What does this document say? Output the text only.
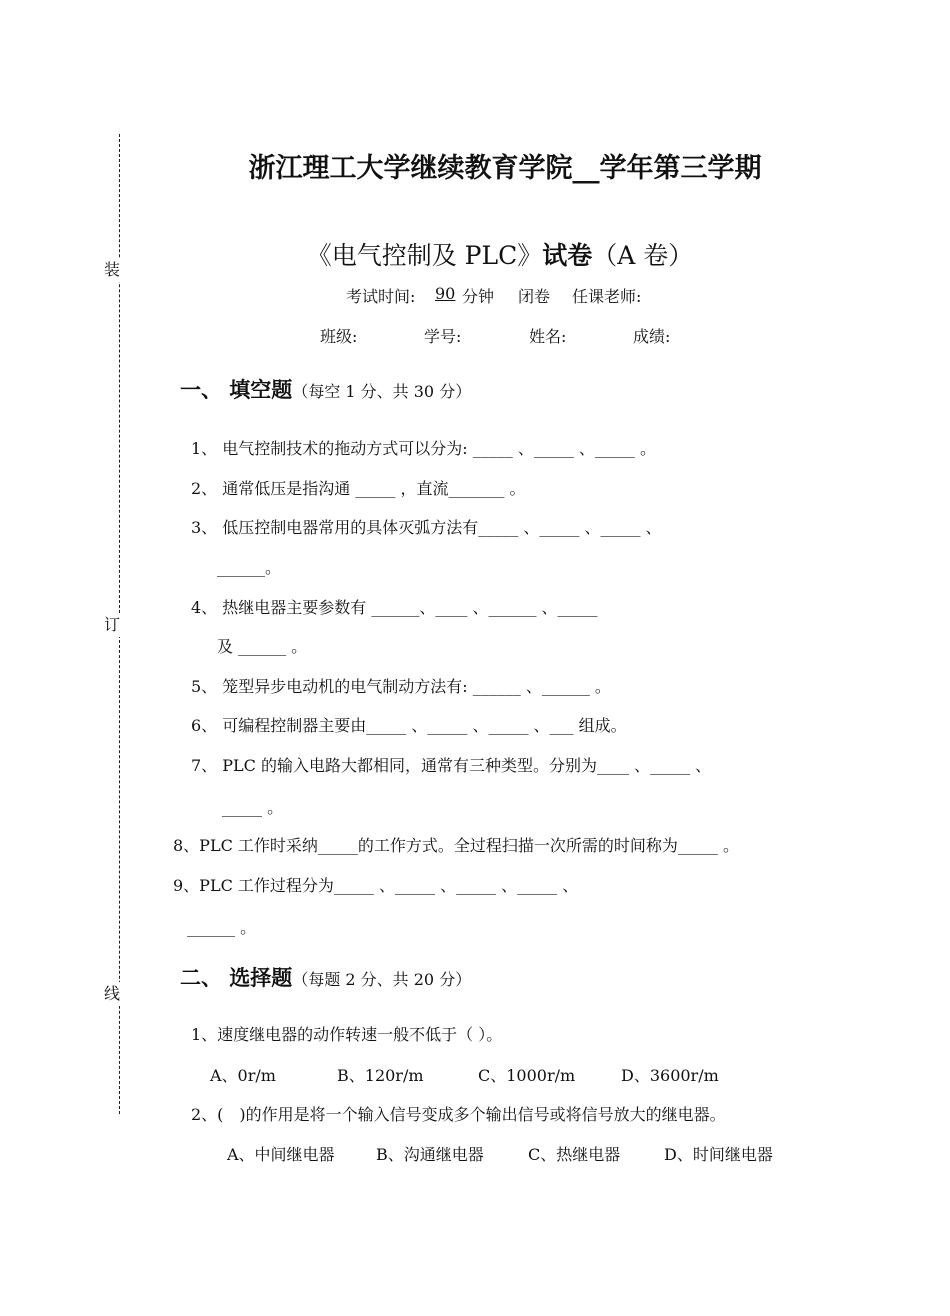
装
订
线
浙江理工大学继续教育学院__学年第三学期
《电气控制及 PLC》试卷（A 卷）
考试时间: 90 分钟 闭卷 任课老师:
班级:	学号:	姓名:	成绩:
一、 填空题（每空 1 分、共 30 分）
1、 电气控制技术的拖动方式可以分为: _____ 、_____ 、_____ 。
2、 通常低压是指沟通 _____ ，直流_______ 。
3、 低压控制电器常用的具体灭弧方法有_____ 、_____ 、_____ 、
______。
4、 热继电器主要参数有 ______、____ 、______ 、_____
及 ______ 。
5、 笼型异步电动机的电气制动方法有: ______ 、______ 。
6、 可编程控制器主要由_____ 、_____ 、_____ 、___ 组成。
7、 PLC 的输入电路大都相同，通常有三种类型。分别为____ 、_____ 、
_____ 。
8、PLC 工作时采纳_____的工作方式。全过程扫描一次所需的时间称为_____ 。
9、PLC 工作过程分为_____ 、_____ 、_____ 、_____ 、
______ 。
二、 选择题（每题 2 分、共 20 分）
1、速度继电器的动作转速一般不低于（ ）。
A、0r/m	B、120r/m	C、1000r/m	D、3600r/m
2、(　)的作用是将一个输入信号变成多个输出信号或将信号放大的继电器。
A、中间继电器	B、沟通继电器	C、热继电器	D、时间继电器
